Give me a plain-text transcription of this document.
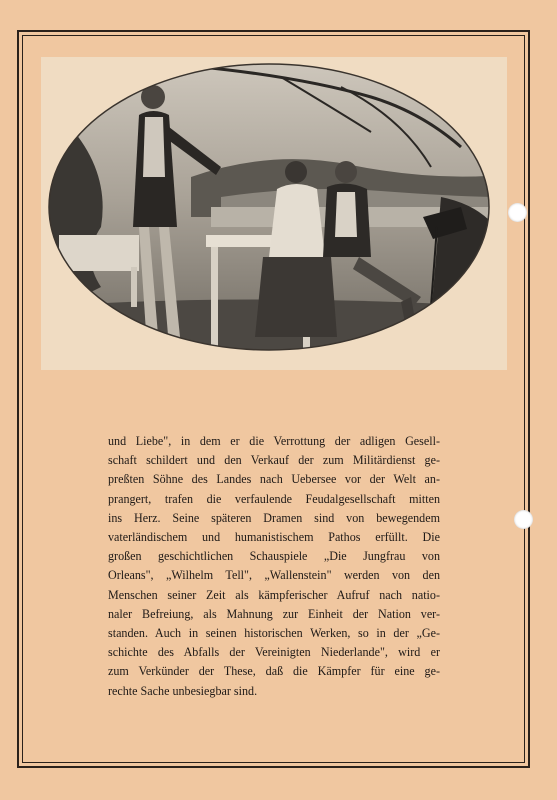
und Liebe", in dem er die Verrottung der adligen Gesell-
schaft schildert und den Verkauf der zum Militärdienst ge-
preßten Söhne des Landes nach Uebersee vor der Welt an-
prangert, trafen die verfaulende Feudalgesellschaft mitten
ins Herz. Seine späteren Dramen sind von bewegendem
vaterländischem und humanistischem Pathos erfüllt. Die
großen geschichtlichen Schauspiele „Die Jungfrau von
Orleans", „Wilhelm Tell", „Wallenstein" werden von den
Menschen seiner Zeit als kämpferischer Aufruf nach natio-
naler Befreiung, als Mahnung zur Einheit der Nation ver-
standen. Auch in seinen historischen Werken, so in der „Ge-
schichte des Abfalls der Vereinigten Niederlande", wird er
zum Verkünder der These, daß die Kämpfer für eine ge-
rechte Sache unbesiegbar sind.
